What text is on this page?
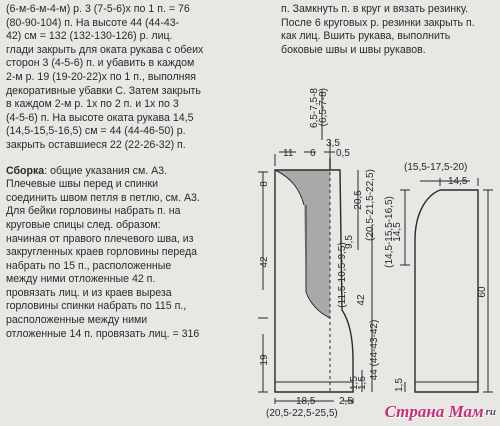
(6-м-6-м-4-м) р. 3 (7-5-6)х по 1 п. = 76

(80-90-104) п. На высоте 44 (44-43-

42) см = 132 (132-130-126) р. лиц.

глади закрыть для оката рукава с обеих

сторон 3 (4-5-6) п. и убавить в каждом

2-м р. 19 (19-20-22)х по 1 п., выполняя

декоративные убавки С. Затем закрыть

в каждом 2-м р. 1х по 2 п. и 1х по 3

(4-5-6) п. На высоте оката рукава 14,5

(14,5-15,5-16,5) см = 44 (44-46-50) р.

закрыть оставшиеся 22 (22-26-32) п.

Сборка: общие указания см. А3.

Плечевые швы перед и спинки

соединить швом петля в петлю, см. А3.

Для бейки горловины набрать п. на

круговые спицы след. образом:

начиная от правого плечевого шва, из

закругленных краев горловины переда

набрать по 15 п., расположенные

между ними отложенные 42 п.

провязать лиц. и из краев выреза

горловины спинки набрать по 115 п.,

расположенные между ними

отложенные 14 п. провязать лиц. = 316

п. Замкнуть п. в круг и вязать резинку.

После 6 круговых р. резинки закрыть п.

как лиц. Вшить рукава, выполнить

боковые швы и швы рукавов.

(6,5-7-8)
6,5-7,5-8
3,5
11 6 0,5
8
42
19
20,5 (20,5-21,5-22,5)
9,5
(11,5-10,5-9,5) 42
44 (44-43-42)
1,5
1,5
18,5 2,5
(20,5-22,5-25,5)
(15,5-17,5-20)
14,5
14,5
(14,5-15,5-16,5)
60
1,5
Страна Мам ru
